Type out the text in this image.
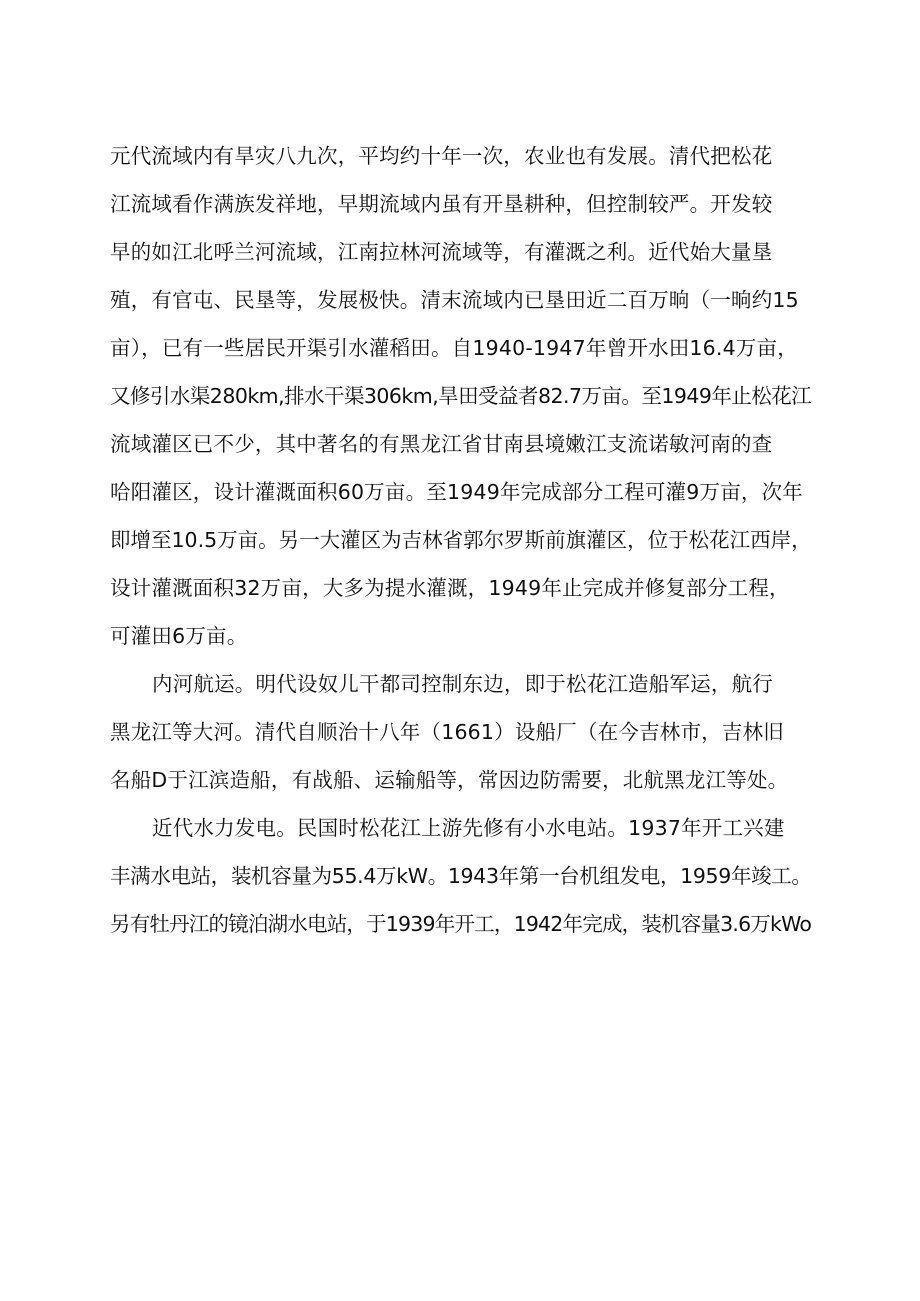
元代流域内有旱灾八九次，平均约十年一次，农业也有发展。清代把松花
江流域看作满族发祥地，早期流域内虽有开垦耕种，但控制较严。开发较
早的如江北呼兰河流域，江南拉林河流域等，有灌溉之利。近代始大量垦
殖，有官屯、民垦等，发展极快。清末流域内已垦田近二百万晌（一晌约15
亩），已有一些居民开渠引水灌稻田。自1940-1947年曾开水田16.4万亩，
又修引水渠280km,排水干渠306km,旱田受益者82.7万亩。至1949年止松花江
流域灌区已不少，其中著名的有黑龙江省甘南县境嫩江支流诺敏河南的查
哈阳灌区，设计灌溉面积60万亩。至1949年完成部分工程可灌9万亩，次年
即增至10.5万亩。另一大灌区为吉林省郭尔罗斯前旗灌区，位于松花江西岸，
设计灌溉面积32万亩，大多为提水灌溉，1949年止完成并修复部分工程，
可灌田6万亩。
内河航运。明代设奴儿干都司控制东边，即于松花江造船军运，航行
黑龙江等大河。清代自顺治十八年（1661）设船厂（在今吉林市，吉林旧
名船D于江滨造船，有战船、运输船等，常因边防需要，北航黑龙江等处。
近代水力发电。民国时松花江上游先修有小水电站。1937年开工兴建
丰满水电站，装机容量为55.4万kW。1943年第一台机组发电，1959年竣工。
另有牡丹江的镜泊湖水电站，于1939年开工，1942年完成，装机容量3.6万kWo
